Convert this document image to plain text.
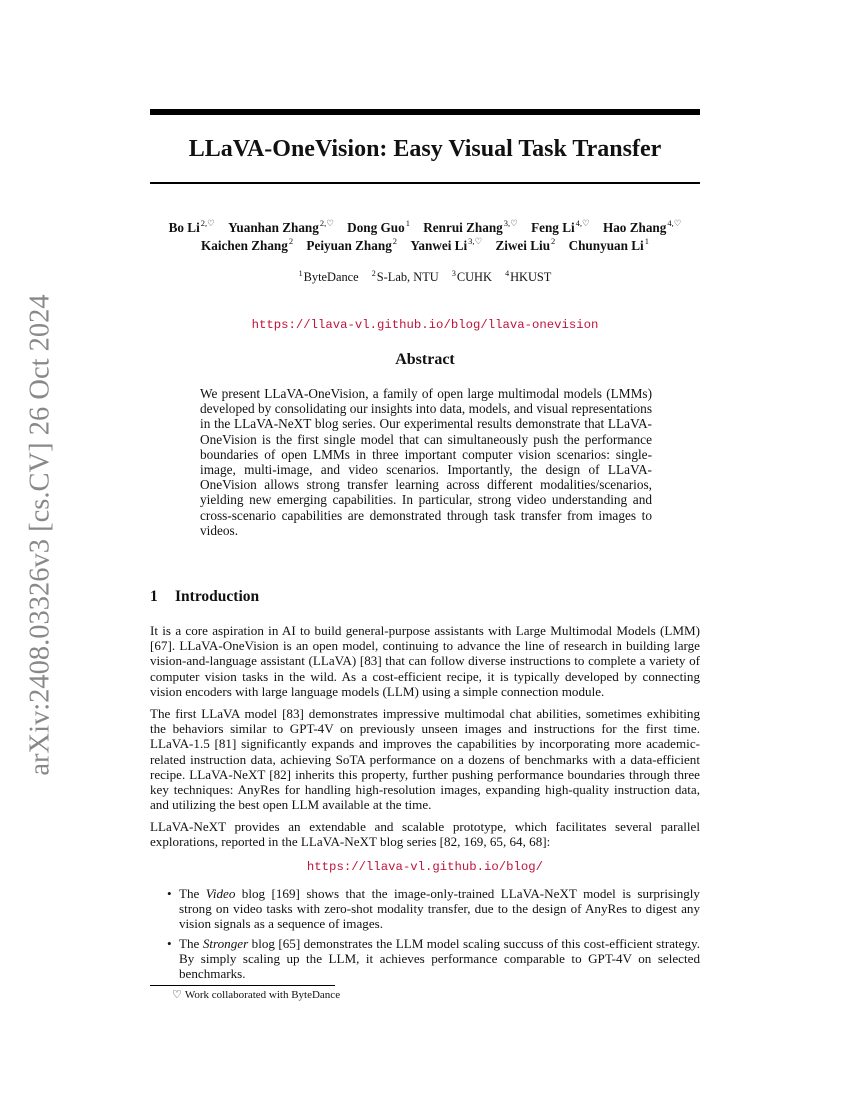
arXiv:2408.03326v3 [cs.CV] 26 Oct 2024
LLaVA-OneVision: Easy Visual Task Transfer
Bo $Li^{2,♡}$ Yuanhan Zhang$^{2,♡}$ Dong Guo$^1$ Renrui Zhang$^{3,♡}$ Feng $Li^{4,♡}$ Hao Zhang$^{4,♡}$
Kaichen Zhang$^2$ Peiyuan Zhang$^2$ Yanwei $Li^{3,♡}$ Ziwei Liu$^2$ Chunyuan Li$^1$
$^1$ByteDance $^2$S-Lab, NTU $^3$CUHK $^4$HKUST
https://llava-vl.github.io/blog/llava-onevision
Abstract

We present LLaVA-OneVision, a family of open large multimodal models (LMMs) developed by consolidating our insights into data, models, and visual representations in the LLaVA-NeXT blog series. Our experimental results demonstrate that LLaVA-OneVision is the first single model that can simultaneously push the performance boundaries of open LMMs in three important computer vision scenarios: single-image, multi-image, and video scenarios. Importantly, the design of LLaVA-OneVision allows strong transfer learning across different modalities/scenarios, yielding new emerging capabilities. In particular, strong video understanding and cross-scenario capabilities are demonstrated through task transfer from images to videos.

1 Introduction

It is a core aspiration in AI to build general-purpose assistants with Large Multimodal Models (LMM) [67]. LLaVA-OneVision is an open model, continuing to advance the line of research in building large vision-and-language assistant (LLaVA) [83] that can follow diverse instructions to complete a variety of computer vision tasks in the wild. As a cost-efficient recipe, it is typically developed by connecting vision encoders with large language models (LLM) using a simple connection module.

The first LLaVA model [83] demonstrates impressive multimodal chat abilities, sometimes exhibiting the behaviors similar to GPT-4V on previously unseen images and instructions for the first time. LLaVA-1.5 [81] significantly expands and improves the capabilities by incorporating more academic-related instruction data, achieving SoTA performance on a dozens of benchmarks with a data-efficient recipe. LLaVA-NeXT [82] inherits this property, further pushing performance boundaries through three key techniques: AnyRes for handling high-resolution images, expanding high-quality instruction data, and utilizing the best open LLM available at the time.

LLaVA-NeXT provides an extendable and scalable prototype, which facilitates several parallel explorations, reported in the LLaVA-NeXT blog series [82, 169, 65, 64, 68]:

https://llava-vl.github.io/blog/
• The Video blog [169] shows that the image-only-trained LLaVA-NeXT model is surprisingly strong on video tasks with zero-shot modality transfer, due to the design of AnyRes to digest any vision signals as a sequence of images.
• The Stronger blog [65] demonstrates the LLM model scaling succuss of this cost-efficient strategy. By simply scaling up the LLM, it achieves performance comparable to GPT-4V on selected benchmarks.
♡ Work collaborated with ByteDance
